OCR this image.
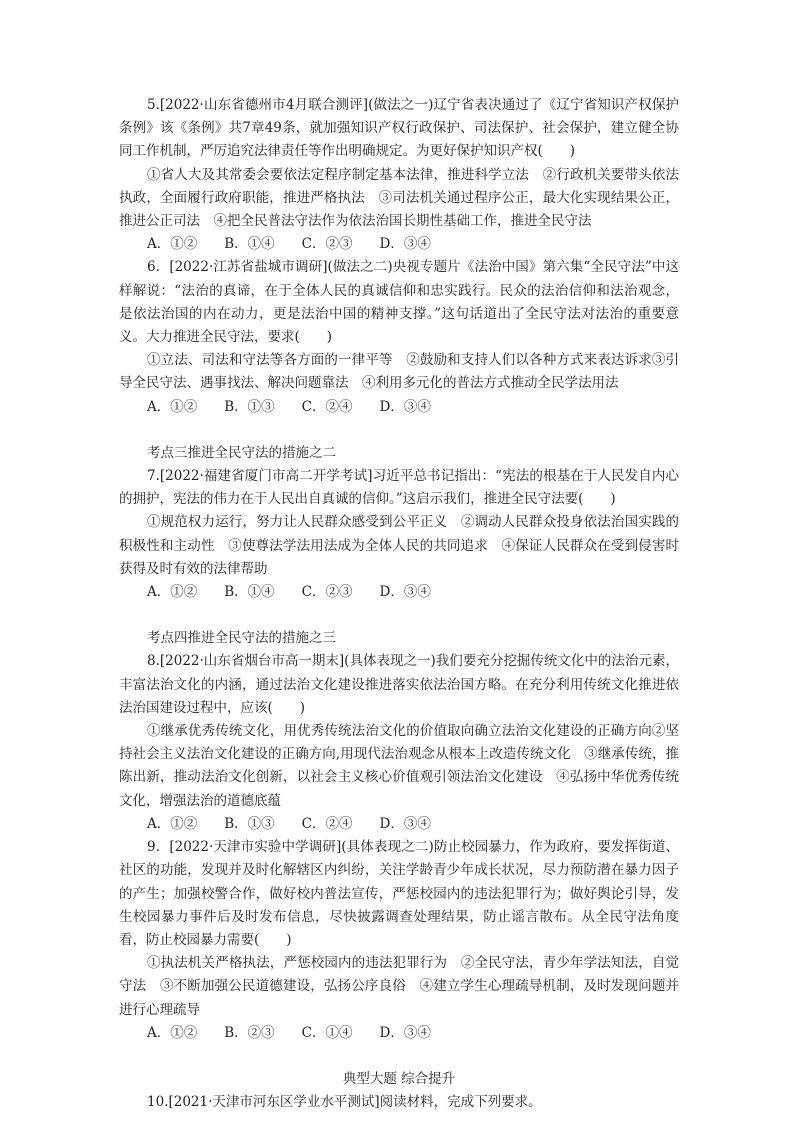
5.[2022·山东省德州市4月联合测评](做法之一)辽宁省表决通过了《辽宁省知识产权保护条例》该《条例》共7章49条，就加强知识产权行政保护、司法保护、社会保护，建立健全协同工作机制，严厉追究法律责任等作出明确规定。为更好保护知识产权(　　)

①省人大及其常委会要依法定程序制定基本法律，推进科学立法　②行政机关要带头依法执政，全面履行政府职能，推进严格执法　③司法机关通过程序公正，最大化实现结果公正，推进公正司法　④把全民普法守法作为依法治国长期性基础工作，推进全民守法

A．①②　　B．①④　　C．②③　　D．③④

6．[2022·江苏省盐城市调研](做法之二)央视专题片《法治中国》第六集“全民守法”中这样解说：“法治的真谛，在于全体人民的真诚信仰和忠实践行。民众的法治信仰和法治观念，是依法治国的内在动力，更是法治中国的精神支撑。”这句话道出了全民守法对法治的重要意义。大力推进全民守法，要求(　　)

①立法、司法和守法等各方面的一律平等　②鼓励和支持人们以各种方式来表达诉求③引导全民守法、遇事找法、解决问题靠法　④利用多元化的普法方式推动全民学法用法

A．①②　　B．①③　　C．②④　　D．③④

考点三推进全民守法的措施之二

7.[2022·福建省厦门市高二开学考试]习近平总书记指出：“宪法的根基在于人民发自内心的拥护，宪法的伟力在于人民出自真诚的信仰。”这启示我们，推进全民守法要(　　)

①规范权力运行，努力让人民群众感受到公平正义　②调动人民群众投身依法治国实践的积极性和主动性　③使尊法学法用法成为全体人民的共同追求　④保证人民群众在受到侵害时获得及时有效的法律帮助

A．①②　　B．①④　　C．②③　　D．③④

考点四推进全民守法的措施之三

8.[2022·山东省烟台市高一期末](具体表现之一)我们要充分挖掘传统文化中的法治元素，丰富法治文化的内涵，通过法治文化建设推进落实依法治国方略。在充分利用传统文化推进依法治国建设过程中，应该(　　)

①继承优秀传统文化，用优秀传统法治文化的价值取向确立法治文化建设的正确方向②坚持社会主义法治文化建设的正确方向,用现代法治观念从根本上改造传统文化　③继承传统，推陈出新，推动法治文化创新，以社会主义核心价值观引领法治文化建设　④弘扬中华优秀传统文化，增强法治的道德底蕴

A．①②　　B．①③　　C．②④　　D．③④

9．[2022·天津市实验中学调研](具体表现之二)防止校园暴力，作为政府，要发挥街道、社区的功能，发现并及时化解辖区内纠纷，关注学龄青少年成长状况，尽力预防潜在暴力因子的产生；加强校警合作，做好校内普法宣传，严惩校园内的违法犯罪行为；做好舆论引导，发生校园暴力事件后及时发布信息，尽快披露调查处理结果，防止谣言散布。从全民守法角度看，防止校园暴力需要(　　)

①执法机关严格执法，严惩校园内的违法犯罪行为　②全民守法，青少年学法知法，自觉守法　③不断加强公民道德建设，弘扬公序良俗　④建立学生心理疏导机制，及时发现问题并进行心理疏导

A．①②　　B．②③　　C．①④　　D．③④

典型大题 综合提升

10.[2021·天津市河东区学业水平测试]阅读材料，完成下列要求。
